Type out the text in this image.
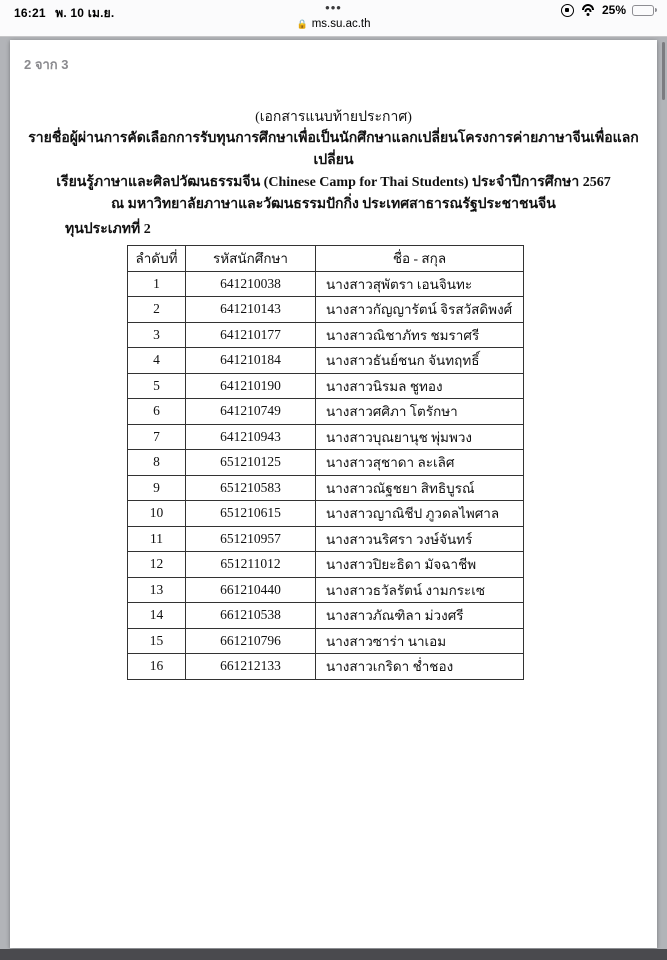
16:21 พ. 10 เม.ย.	•••	25%
🔒 ms.su.ac.th
2 จาก 3
(เอกสารแนบท้ายประกาศ)
รายชื่อผู้ผ่านการคัดเลือกการรับทุนการศึกษาเพื่อเป็นนักศึกษาแลกเปลี่ยนโครงการค่ายภาษาจีนเพื่อแลกเปลี่ยน
เรียนรู้ภาษาและศิลปวัฒนธรรมจีน (Chinese Camp for Thai Students) ประจำปีการศึกษา 2567
ณ มหาวิทยาลัยภาษาและวัฒนธรรมปักกิ่ง ประเทศสาธารณรัฐประชาชนจีน
ทุนประเภทที่ 2
ลำดับที่	รหัสนักศึกษา	ชื่อ - สกุล
1	641210038	นางสาวสุพัตรา เอนจินทะ
2	641210143	นางสาวกัญญารัตน์ จิรสวัสดิพงศ์
3	641210177	นางสาวณิชาภัทร ชมราศรี
4	641210184	นางสาวธันย์ชนก จันทฤทธิ์
5	641210190	นางสาวนิรมล ชูทอง
6	641210749	นางสาวศศิภา โตรักษา
7	641210943	นางสาวบุณยานุช พุ่มพวง
8	651210125	นางสาวสุชาดา ละเลิศ
9	651210583	นางสาวณัฐชยา สิทธิบูรณ์
10	651210615	นางสาวญาณิชีป ภูวดลไพศาล
11	651210957	นางสาวนริศรา วงษ์จันทร์
12	651211012	นางสาวปิยะธิดา มัจฉาชีพ
13	661210440	นางสาวธวัลรัตน์ งามกระเซ
14	661210538	นางสาวภัณฑิลา ม่วงศรี
15	661210796	นางสาวซาร่า นาเอม
16	661212133	นางสาวเกริดา ช่ำชอง
